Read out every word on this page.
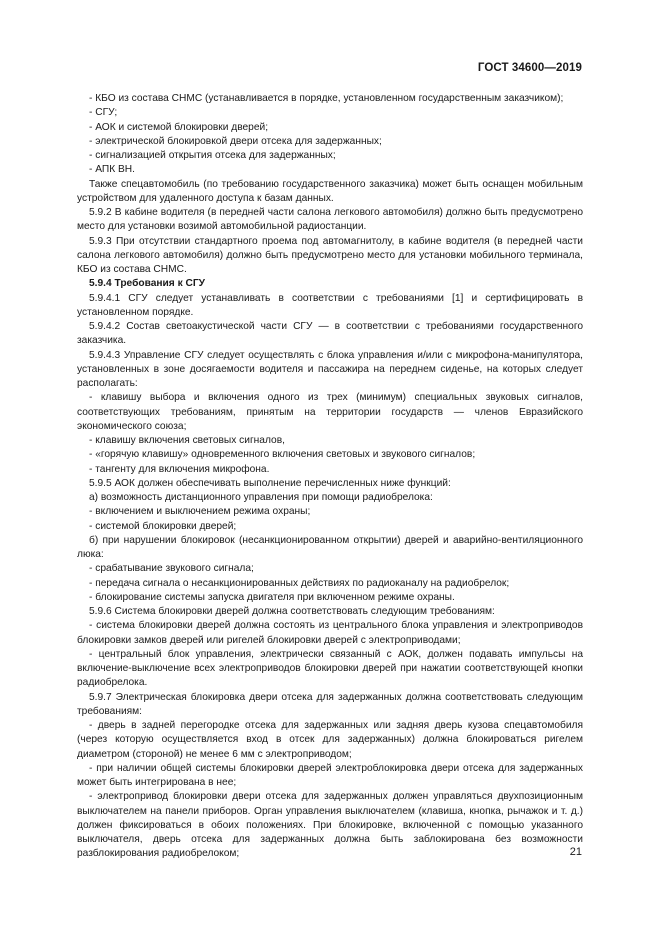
ГОСТ 34600—2019

- КБО из состава СНМС (устанавливается в порядке, установленном государственным заказчиком);

- СГУ;

- АОК и системой блокировки дверей;

- электрической блокировкой двери отсека для задержанных;

- сигнализацией открытия отсека для задержанных;

- АПК ВН.

Также спецавтомобиль (по требованию государственного заказчика) может быть оснащен мобильным устройством для удаленного доступа к базам данных.

5.9.2 В кабине водителя (в передней части салона легкового автомобиля) должно быть предусмотрено место для установки возимой автомобильной радиостанции.

5.9.3 При отсутствии стандартного проема под автомагнитолу, в кабине водителя (в передней части салона легкового автомобиля) должно быть предусмотрено место для установки мобильного терминала, КБО из состава СНМС.

5.9.4 Требования к СГУ

5.9.4.1 СГУ следует устанавливать в соответствии с требованиями [1] и сертифицировать в установленном порядке.

5.9.4.2 Состав светоакустической части СГУ — в соответствии с требованиями государственного заказчика.

5.9.4.3 Управление СГУ следует осуществлять с блока управления и/или с микрофона-манипулятора, установленных в зоне досягаемости водителя и пассажира на переднем сиденье, на которых следует располагать:

- клавишу выбора и включения одного из трех (минимум) специальных звуковых сигналов, соответствующих требованиям, принятым на территории государств — членов Евразийского экономического союза;

- клавишу включения световых сигналов,

- «горячую клавишу» одновременного включения световых и звукового сигналов;

- тангенту для включения микрофона.

5.9.5 АОК должен обеспечивать выполнение перечисленных ниже функций:

а) возможность дистанционного управления при помощи радиобрелока:

- включением и выключением режима охраны;

- системой блокировки дверей;

б) при нарушении блокировок (несанкционированном открытии) дверей и аварийно-вентиляционного люка:

- срабатывание звукового сигнала;

- передача сигнала о несанкционированных действиях по радиоканалу на радиобрелок;

- блокирование системы запуска двигателя при включенном режиме охраны.

5.9.6 Система блокировки дверей должна соответствовать следующим требованиям:

- система блокировки дверей должна состоять из центрального блока управления и электроприводов блокировки замков дверей или ригелей блокировки дверей с электроприводами;

- центральный блок управления, электрически связанный с АОК, должен подавать импульсы на включение-выключение всех электроприводов блокировки дверей при нажатии соответствующей кнопки радиобрелока.

5.9.7 Электрическая блокировка двери отсека для задержанных должна соответствовать следующим требованиям:

- дверь в задней перегородке отсека для задержанных или задняя дверь кузова спецавтомобиля (через которую осуществляется вход в отсек для задержанных) должна блокироваться ригелем диаметром (стороной) не менее 6 мм с электроприводом;

- при наличии общей системы блокировки дверей электроблокировка двери отсека для задержанных может быть интегрирована в нее;

- электропривод блокировки двери отсека для задержанных должен управляться двухпозиционным выключателем на панели приборов. Орган управления выключателем (клавиша, кнопка, рычажок и т. д.) должен фиксироваться в обоих положениях. При блокировке, включенной с помощью указанного выключателя, дверь отсека для задержанных должна быть заблокирована без возможности разблокирования радиобрелоком;	21
